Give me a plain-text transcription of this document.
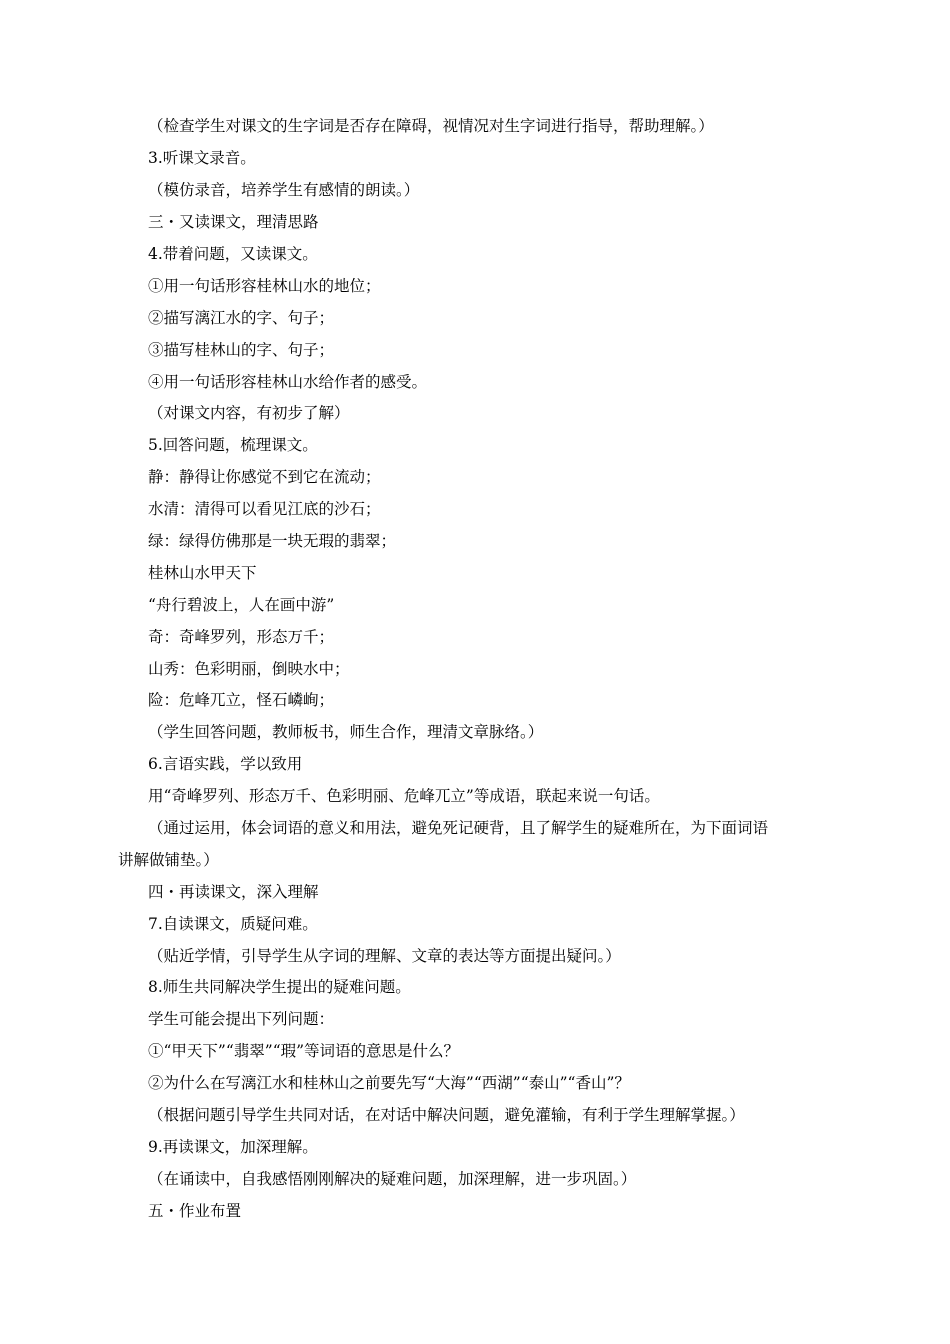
（检查学生对课文的生字词是否存在障碍，视情况对生字词进行指导，帮助理解。）
3.听课文录音。
（模仿录音，培养学生有感情的朗读。）
三・又读课文，理清思路
4.带着问题，又读课文。
①用一句话形容桂林山水的地位；
②描写漓江水的字、句子；
③描写桂林山的字、句子；
④用一句话形容桂林山水给作者的感受。
（对课文内容，有初步了解）
5.回答问题，梳理课文。
静：静得让你感觉不到它在流动；
水清：清得可以看见江底的沙石；
绿：绿得仿佛那是一块无瑕的翡翠；
桂林山水甲天下
“舟行碧波上，人在画中游”
奇：奇峰罗列，形态万千；
山秀：色彩明丽，倒映水中；
险：危峰兀立，怪石嶙峋；
（学生回答问题，教师板书，师生合作，理清文章脉络。）
6.言语实践，学以致用
用“奇峰罗列、形态万千、色彩明丽、危峰兀立”等成语，联起来说一句话。
（通过运用，体会词语的意义和用法，避免死记硬背，且了解学生的疑难所在，为下面词语
讲解做铺垫。）
四・再读课文，深入理解
7.自读课文，质疑问难。
（贴近学情，引导学生从字词的理解、文章的表达等方面提出疑问。）
8.师生共同解决学生提出的疑难问题。
学生可能会提出下列问题：
①“甲天下”“翡翠”“瑕”等词语的意思是什么？
②为什么在写漓江水和桂林山之前要先写“大海”“西湖”“泰山”“香山”？
（根据问题引导学生共同对话，在对话中解决问题，避免灌输，有利于学生理解掌握。）
9.再读课文，加深理解。
（在诵读中，自我感悟刚刚解决的疑难问题，加深理解，进一步巩固。）
五・作业布置
